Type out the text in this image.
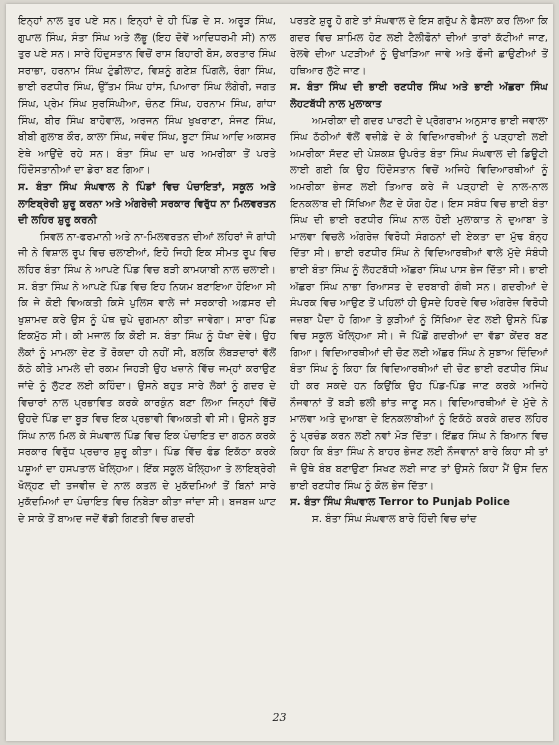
ਇਨ੍ਹਾਂ ਨਾਲ ਤੁਰ ਪਏ ਸਨ। ਇਨ੍ਹਾਂ ਦੇ ਹੀ ਪਿੰਡ ਦੇ ਸ. ਅਰੂੜ ਸਿੰਘ, ਗੁਪਾਲ ਸਿੰਘ, ਸੰਤਾ ਸਿੰਘ ਅਤੇ ਲੱਭੂ (ਇਹ ਦੋਵੇਂ ਆਦਿਧਰਮੀ ਸੀ) ਨਾਲ ਤੁਰ ਪਏ ਸਨ। ਸਾਰੇ ਹਿੰਦੁਸਤਾਨ ਵਿਚੋਂ ਰਾਸ ਬਿਹਾਰੀ ਬੋਸ, ਕਰਤਾਰ ਸਿੰਘ ਸਰਾਭਾ, ਹਰਨਾਮ ਸਿੰਘ ਟੁੰਡੀਲਾਟ, ਵਿਸ਼ਨੂੰ ਗਣੇਸ਼ ਪਿੰਗਲੇ, ਰੰਗਾ ਸਿੰਘ, ਭਾਈ ਰਣਧੀਰ ਸਿੰਘ, ਉੱਤਮ ਸਿੰਘ ਹਾਂਸ, ਪਿਆਰਾ ਸਿੰਘ ਲੰਗੇਰੀ, ਜਗਤ ਸਿੰਘ, ਪ੍ਰੇਮ ਸਿੰਘ ਸੁਰਸਿੰਘੀਆ, ਚੰਨਣ ਸਿੰਘ, ਹਰਨਾਮ ਸਿੰਘ, ਗਾਂਧਾ ਸਿੰਘ, ਬੀਰ ਸਿੰਘ ਬਾਹੋਵਾਲ, ਅਰਜਨ ਸਿੰਘ ਖੁਖਰਾਣਾ, ਸੰਜਣ ਸਿੰਘ, ਬੀਬੀ ਗੁਲਾਬ ਕੌਰ, ਕਾਲਾ ਸਿੰਘ, ਜਵੰਦ ਸਿੰਘ, ਬੂਟਾ ਸਿੰਘ ਆਦਿ ਅਕਸਰ ਏਥੇ ਆਉਂਦੇ ਰਹੇ ਸਨ। ਬੰਤਾ ਸਿੰਘ ਦਾ ਘਰ ਅਮਰੀਕਾ ਤੋਂ ਪਰਤੇ ਹਿੰਦੋਸਤਾਨੀਆਂ ਦਾ ਡੇਰਾ ਬਣ ਗਿਆ।

ਸ. ਬੰਤਾ ਸਿੰਘ ਸੰਘਵਾਲ ਨੇ ਪਿੰਡਾਂ ਵਿਚ ਪੰਚਾਇਤਾਂ, ਸਕੂਲ ਅਤੇ ਲਾਇਬ੍ਰੇਰੀ ਸ਼ੁਰੂ ਕਰਨਾ ਅਤੇ ਅੰਗਰੇਜ਼ੀ ਸਰਕਾਰ ਵਿਰੁੱਧ ਨਾ ਮਿਲਵਰਤਨ ਦੀ ਲਹਿਰ ਸ਼ੁਰੂ ਕਰਨੀ

ਸਿਵਲ ਨਾ-ਫਰਮਾਨੀ ਅਤੇ ਨਾ-ਮਿਲਵਰਤਨ ਦੀਆਂ ਲਹਿਰਾਂ ਜੋ ਗਾਂਧੀ ਜੀ ਨੇ ਵਿਸ਼ਾਲ ਰੂਪ ਵਿਚ ਚਲਾਈਆਂ, ਇਹੋ ਜਿਹੀ ਇਕ ਸੀਮਤ ਰੂਪ ਵਿਚ ਲਹਿਰ ਬੰਤਾ ਸਿੰਘ ਨੇ ਆਪਣੇ ਪਿੰਡ ਵਿਚ ਬੜੀ ਕਾਮਯਾਬੀ ਨਾਲ ਚਲਾਈ। ਸ. ਬੰਤਾ ਸਿੰਘ ਨੇ ਆਪਣੇ ਪਿੰਡ ਵਿਚ ਇਹ ਨਿਯਮ ਬਣਾਇਆ ਹੋਇਆ ਸੀ ਕਿ ਜੇ ਕੋਈ ਵਿਅਕਤੀ ਕਿਸੇ ਪੁਲਿਸ ਵਾਲੇ ਜਾਂ ਸਰਕਾਰੀ ਅਫ਼ਸਰ ਦੀ ਖੁਸ਼ਾਮਦ ਕਰੇ ਉਸ ਨੂੰ ਪੰਥ ਚੁਪੇ ਚੁਗਮਨਾ ਕੀਤਾ ਜਾਵੇਗਾ। ਸਾਰਾ ਪਿੰਡ ਇਕਮੁੱਠ ਸੀ। ਕੀ ਮਜਾਲ ਕਿ ਕੋਈ ਸ. ਬੰਤਾ ਸਿੰਘ ਨੂੰ ਧੋਖਾ ਦੇਵੇ। ਉਹ ਲੋਕਾਂ ਨੂੰ ਮਾਮਲਾ ਦੇਣ ਤੋਂ ਰੋਕਦਾ ਹੀ ਨਹੀਂ ਸੀ, ਬਲਕਿ ਲੰਬੜਦਾਰਾਂ ਵੱਲੋਂ ਕੱਠੇ ਕੀਤੇ ਮਾਮਲੇ ਦੀ ਰਕਮ ਜਿਹੜੀ ਉਹ ਖਜ਼ਾਨੇ ਵਿੱਚ ਜਮ੍ਹਾਂ ਕਰਾਉਣ ਜਾਂਦੇ ਨੂੰ ਲੁੱਟਣ ਲਈ ਕਹਿੰਦਾ। ਉਸਨੇ ਬਹੁਤ ਸਾਰੇ ਲੋਕਾਂ ਨੂੰ ਗਦਰ ਦੇ ਵਿਚਾਰਾਂ ਨਾਲ ਪ੍ਰਭਾਵਿਤ ਕਰਕੇ ਕਾਰਕੁੰਨ ਬਣਾ ਲਿਆ ਜਿਨ੍ਹਾਂ ਵਿੱਚੋਂ ਉਹਦੇ ਪਿੰਡ ਦਾ ਬੂੜ ਵਿਚ ਇਕ ਪ੍ਰਭਾਵੀ ਵਿਅਕਤੀ ਵੀ ਸੀ। ਉਸਨੇ ਬੂੜ ਸਿੰਘ ਨਾਲ ਮਿਲ ਕੇ ਸੰਘਵਾਲ ਪਿੰਡ ਵਿਚ ਇਕ ਪੰਚਾਇਤ ਦਾ ਗਠਨ ਕਰਕੇ ਸਰਕਾਰ ਵਿਰੁੱਧ ਪ੍ਰਚਾਰ ਸ਼ੁਰੂ ਕੀਤਾ। ਪਿੰਡ ਵਿੱਚ ਫੰਡ ਇਕੱਠਾ ਕਰਕੇ ਪਸ਼ੂਆਂ ਦਾ ਹਸਪਤਾਲ ਖੋਲ੍ਹਿਆ। ਇੱਕ ਸਕੂਲ ਖੋਲ੍ਹਿਆ ਤੇ ਲਾਇਬ੍ਰੇਰੀ ਖੋਲ੍ਹਣ ਦੀ ਤਜਵੀਜ਼ ਦੇ ਨਾਲ ਕਤਲ ਦੇ ਮੁਕੱਦਮਿਆਂ ਤੋਂ ਬਿਨਾਂ ਸਾਰੇ ਮੁਕੱਦਮਿਆਂ ਦਾ ਪੰਚਾਇਤ ਵਿਚ ਨਿਬੇੜਾ ਕੀਤਾ ਜਾਂਦਾ ਸੀ। ਬਜਬਜ ਘਾਟ ਦੇ ਸਾਕੇ ਤੋਂ ਬਾਅਦ ਜਦੋਂ ਵੱਡੀ ਗਿਣਤੀ ਵਿਚ ਗਦਰੀ

ਪਰਤਣੇ ਸ਼ੁਰੂ ਹੋ ਗਏ ਤਾਂ ਸੰਘਵਾਲ ਦੇ ਇਸ ਗਰੁੱਪ ਨੇ ਫੈਸਲਾ ਕਰ ਲਿਆ ਕਿ ਗਦਰ ਵਿਚ ਸ਼ਾਮਿਲ ਹੋਣ ਲਈ ਟੈਲੀਫੋਨਾਂ ਦੀਆਂ ਤਾਰਾਂ ਕੱਟੀਆਂ ਜਾਣ, ਰੇਲਵੇ ਦੀਆ ਪਟੜੀਆਂ ਨੂੰ ਉਖਾੜਿਆ ਜਾਵੇ ਅਤੇ ਫੌਜੀ ਛਾਉਣੀਆਂ ਤੋਂ ਹਥਿਆਰ ਲੁੱਟੇ ਜਾਣ।

ਸ. ਬੰਤਾ ਸਿੰਘ ਦੀ ਭਾਈ ਰਣਧੀਰ ਸਿੰਘ ਅਤੇ ਭਾਈ ਅੱਛਰਾ ਸਿੰਘ ਲੋਹਟਬੱਧੀ ਨਾਲ ਮੁਲਾਕਾਤ

ਅਮਰੀਕਾ ਦੀ ਗਦਰ ਪਾਰਟੀ ਦੇ ਪ੍ਰੋਗਰਾਮ ਅਨੁਸਾਰ ਭਾਈ ਜਵਾਲਾ ਸਿੰਘ ਠੱਠੀਆਂ ਵੱਲੋਂ ਵਜ਼ੀਫ਼ੇ ਦੇ ਕੇ ਵਿਦਿਆਰਥੀਆਂ ਨੂੰ ਪੜ੍ਹਾਈ ਲਈ ਅਮਰੀਕਾ ਸੱਦਣ ਦੀ ਪੇਸ਼ਕਸ਼ ਉਪਰੰਤ ਬੰਤਾ ਸਿੰਘ ਸੰਘਵਾਲ ਦੀ ਡਿਊਟੀ ਲਾਈ ਗਈ ਕਿ ਉਹ ਹਿੰਦੋਸਤਾਨ ਵਿਚੋਂ ਅਜਿਹੇ ਵਿਦਿਆਰਥੀਆਂ ਨੂੰ ਅਮਰੀਕਾ ਭੇਜਣ ਲਈ ਤਿਆਰ ਕਰੇ ਜੋ ਪੜ੍ਹਾਈ ਦੇ ਨਾਲ-ਨਾਲ ਇਨਕਲਾਬ ਦੀ ਸਿੱਖਿਆ ਲੈਣ ਦੇ ਯੋਗ ਹੋਣ। ਇਸ ਸਬੰਧ ਵਿਚ ਭਾਈ ਬੰਤਾ ਸਿੰਘ ਦੀ ਭਾਈ ਰਣਧੀਰ ਸਿੰਘ ਨਾਲ ਹੋਈ ਮੁਲਾਕਾਤ ਨੇ ਦੁਆਬਾ ਤੇ ਮਾਲਵਾ ਵਿਚਲੇ ਅੰਗਰੇਜ਼ ਵਿਰੋਧੀ ਸੰਗਠਨਾਂ ਦੀ ਏਕਤਾ ਦਾ ਮੁੱਢ ਬੰਨ੍ਹ ਦਿੱਤਾ ਸੀ। ਭਾਈ ਰਣਧੀਰ ਸਿੰਘ ਨੇ ਵਿਦਿਆਰਥੀਆਂ ਵਾਲੇ ਮੁੱਦੇ ਸੰਬੰਧੀ ਭਾਈ ਬੰਤਾ ਸਿੰਘ ਨੂੰ ਲੋਹਟਬੱਧੀ ਅੱਛਰਾ ਸਿੰਘ ਪਾਸ ਭੇਜ ਦਿੱਤਾ ਸੀ। ਭਾਈ ਅੱਛਰਾ ਸਿੰਘ ਨਾਭਾ ਰਿਆਸਤ ਦੇ ਦਰਬਾਰੀ ਗੰਥੀ ਸਨ। ਗਦਰੀਆਂ ਦੇ ਸੰਪਰਕ ਵਿਚ ਆਉਣ ਤੋਂ ਪਹਿਲਾਂ ਹੀ ਉਸਦੇ ਹਿਰਦੇ ਵਿਚ ਅੰਗਰੇਜ਼ ਵਿਰੋਧੀ ਜਜ਼ਬਾ ਪੈਦਾ ਹੋ ਗਿਆ ਤੇ ਕੁੜੀਆਂ ਨੂੰ ਸਿੱਖਿਆ ਦੇਣ ਲਈ ਉਸਨੇ ਪਿੰਡ ਵਿਚ ਸਕੂਲ ਖੋਲ੍ਹਿਆ ਸੀ। ਜੋ ਪਿੱਛੋਂ ਗਦਰੀਆਂ ਦਾ ਵੱਡਾ ਕੇਂਦਰ ਬਣ ਗਿਆ। ਵਿਦਿਆਰਥੀਆਂ ਦੀ ਚੋਣ ਲਈ ਅੱਛਰ ਸਿੰਘ ਨੇ ਸੁਝਾਅ ਦਿੰਦਿਆਂ ਬੰਤਾ ਸਿੰਘ ਨੂੰ ਕਿਹਾ ਕਿ ਵਿਦਿਆਰਥੀਆਂ ਦੀ ਚੋਣ ਭਾਈ ਰਣਧੀਰ ਸਿੰਘ ਹੀ ਕਰ ਸਕਦੇ ਹਨ ਕਿਉਂਕਿ ਉਹ ਪਿੰਡ-ਪਿੰਡ ਜਾਣ ਕਰਕੇ ਅਜਿਹੇ ਨੌਜਵਾਨਾਂ ਤੋਂ ਬੜੀ ਭਲੀ ਭਾਂਤ ਜਾਣੂ ਸਨ। ਵਿਦਿਆਰਥੀਆਂ ਦੇ ਮੁੱਦੇ ਨੇ ਮਾਲਵਾ ਅਤੇ ਦੁਆਬਾ ਦੇ ਇਨਕਲਾਬੀਆਂ ਨੂੰ ਇਕੱਠੇ ਕਰਕੇ ਗਦਰ ਲਹਿਰ ਨੂੰ ਪ੍ਰਚੰਡ ਕਰਨ ਲਈ ਨਵਾਂ ਮੋੜ ਦਿੱਤਾ। ਇੱਛਰ ਸਿੰਘ ਨੇ ਬਿਆਨ ਵਿਚ ਕਿਹਾ ਕਿ ਬੰਤਾ ਸਿੰਘ ਨੇ ਬਾਹਰ ਭੇਜਣ ਲਈ ਨੌਜਵਾਨਾਂ ਬਾਰੇ ਕਿਹਾ ਸੀ ਤਾਂ ਜੋ ਉਥੇ ਬੰਬ ਬਣਾਉਣਾ ਸਿਖਣ ਲਈ ਜਾਣ ਤਾਂ ਉਸਨੇ ਕਿਹਾ ਮੈਂ ਉਸ ਦਿਨ ਭਾਈ ਰਣਧੀਰ ਸਿੰਘ ਨੂੰ ਕੋਲ ਭੇਜ ਦਿੱਤਾ।

ਸ. ਬੰਤਾ ਸਿੰਘ ਸੰਘਵਾਲ Terror to Punjab Police

ਸ. ਬੰਤਾ ਸਿੰਘ ਸੰਘਵਾਲ ਬਾਰੇ ਹਿੰਦੀ ਵਿਚ ਚਾਂਦ

23
